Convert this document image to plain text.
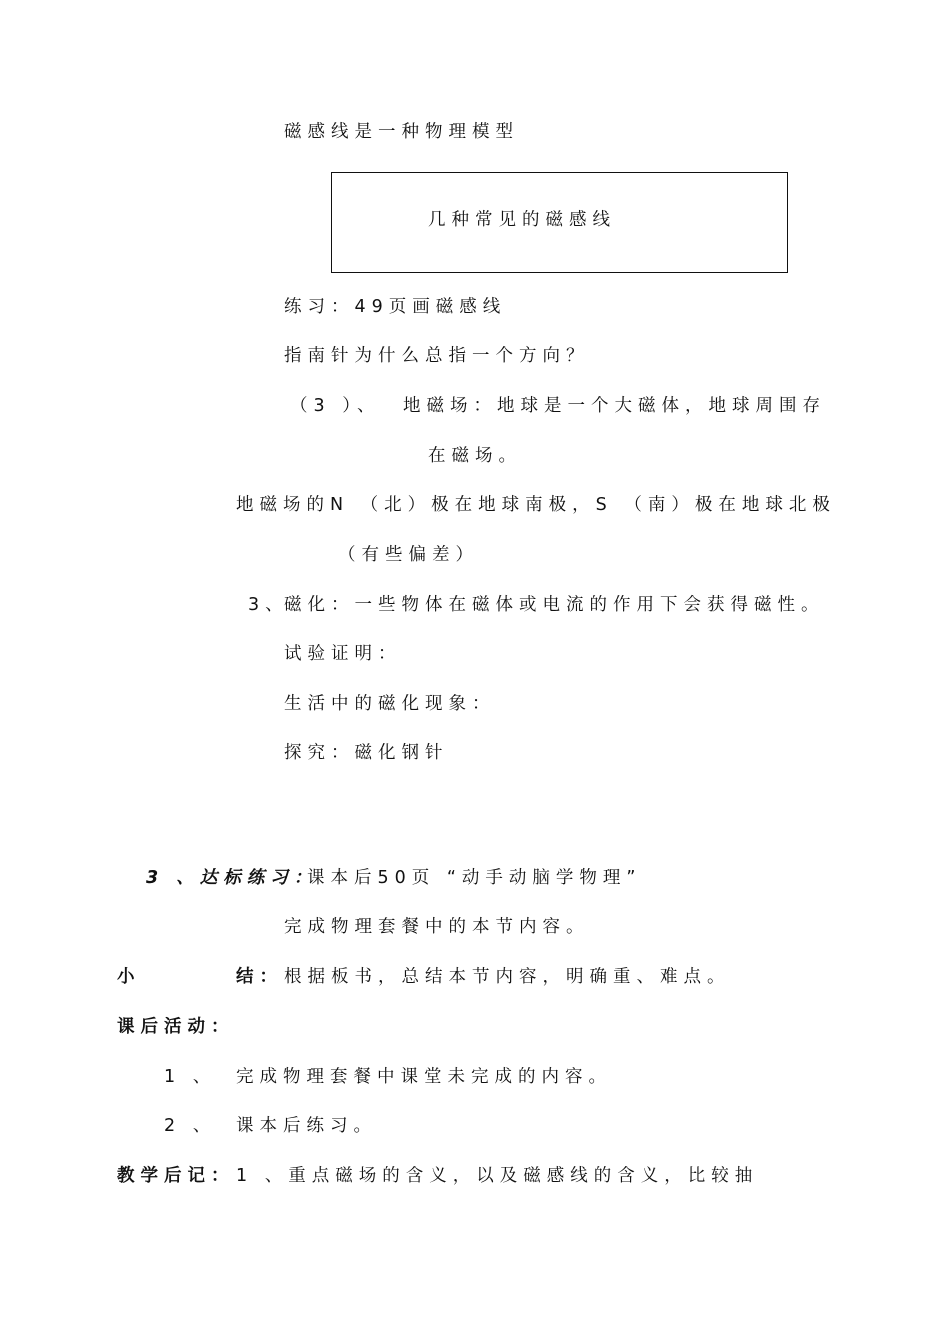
磁感线是一种物理模型
几种常见的磁感线
练习：49页画磁感线
指南针为什么总指一个方向？
（3 ）、 地磁场：地球是一个大磁体，地球周围存
在磁场。
地磁场的N （北）极在地球南极，S （南）极在地球北极
（有些偏差）
3、
磁化：一些物体在磁体或电流的作用下会获得磁性。
试验证明：
生活中的磁化现象：
探究：磁化钢针
3 、达标练习：
课本后50页 “动手动脑学物理”
完成物理套餐中的本节内容。
小	结： 根据板书，总结本节内容，明确重、难点。
课后活动：
1 、 完成物理套餐中课堂未完成的内容。
2 、 课本后练习。
教学后记： 1 、重点磁场的含义，以及磁感线的含义，比较抽
